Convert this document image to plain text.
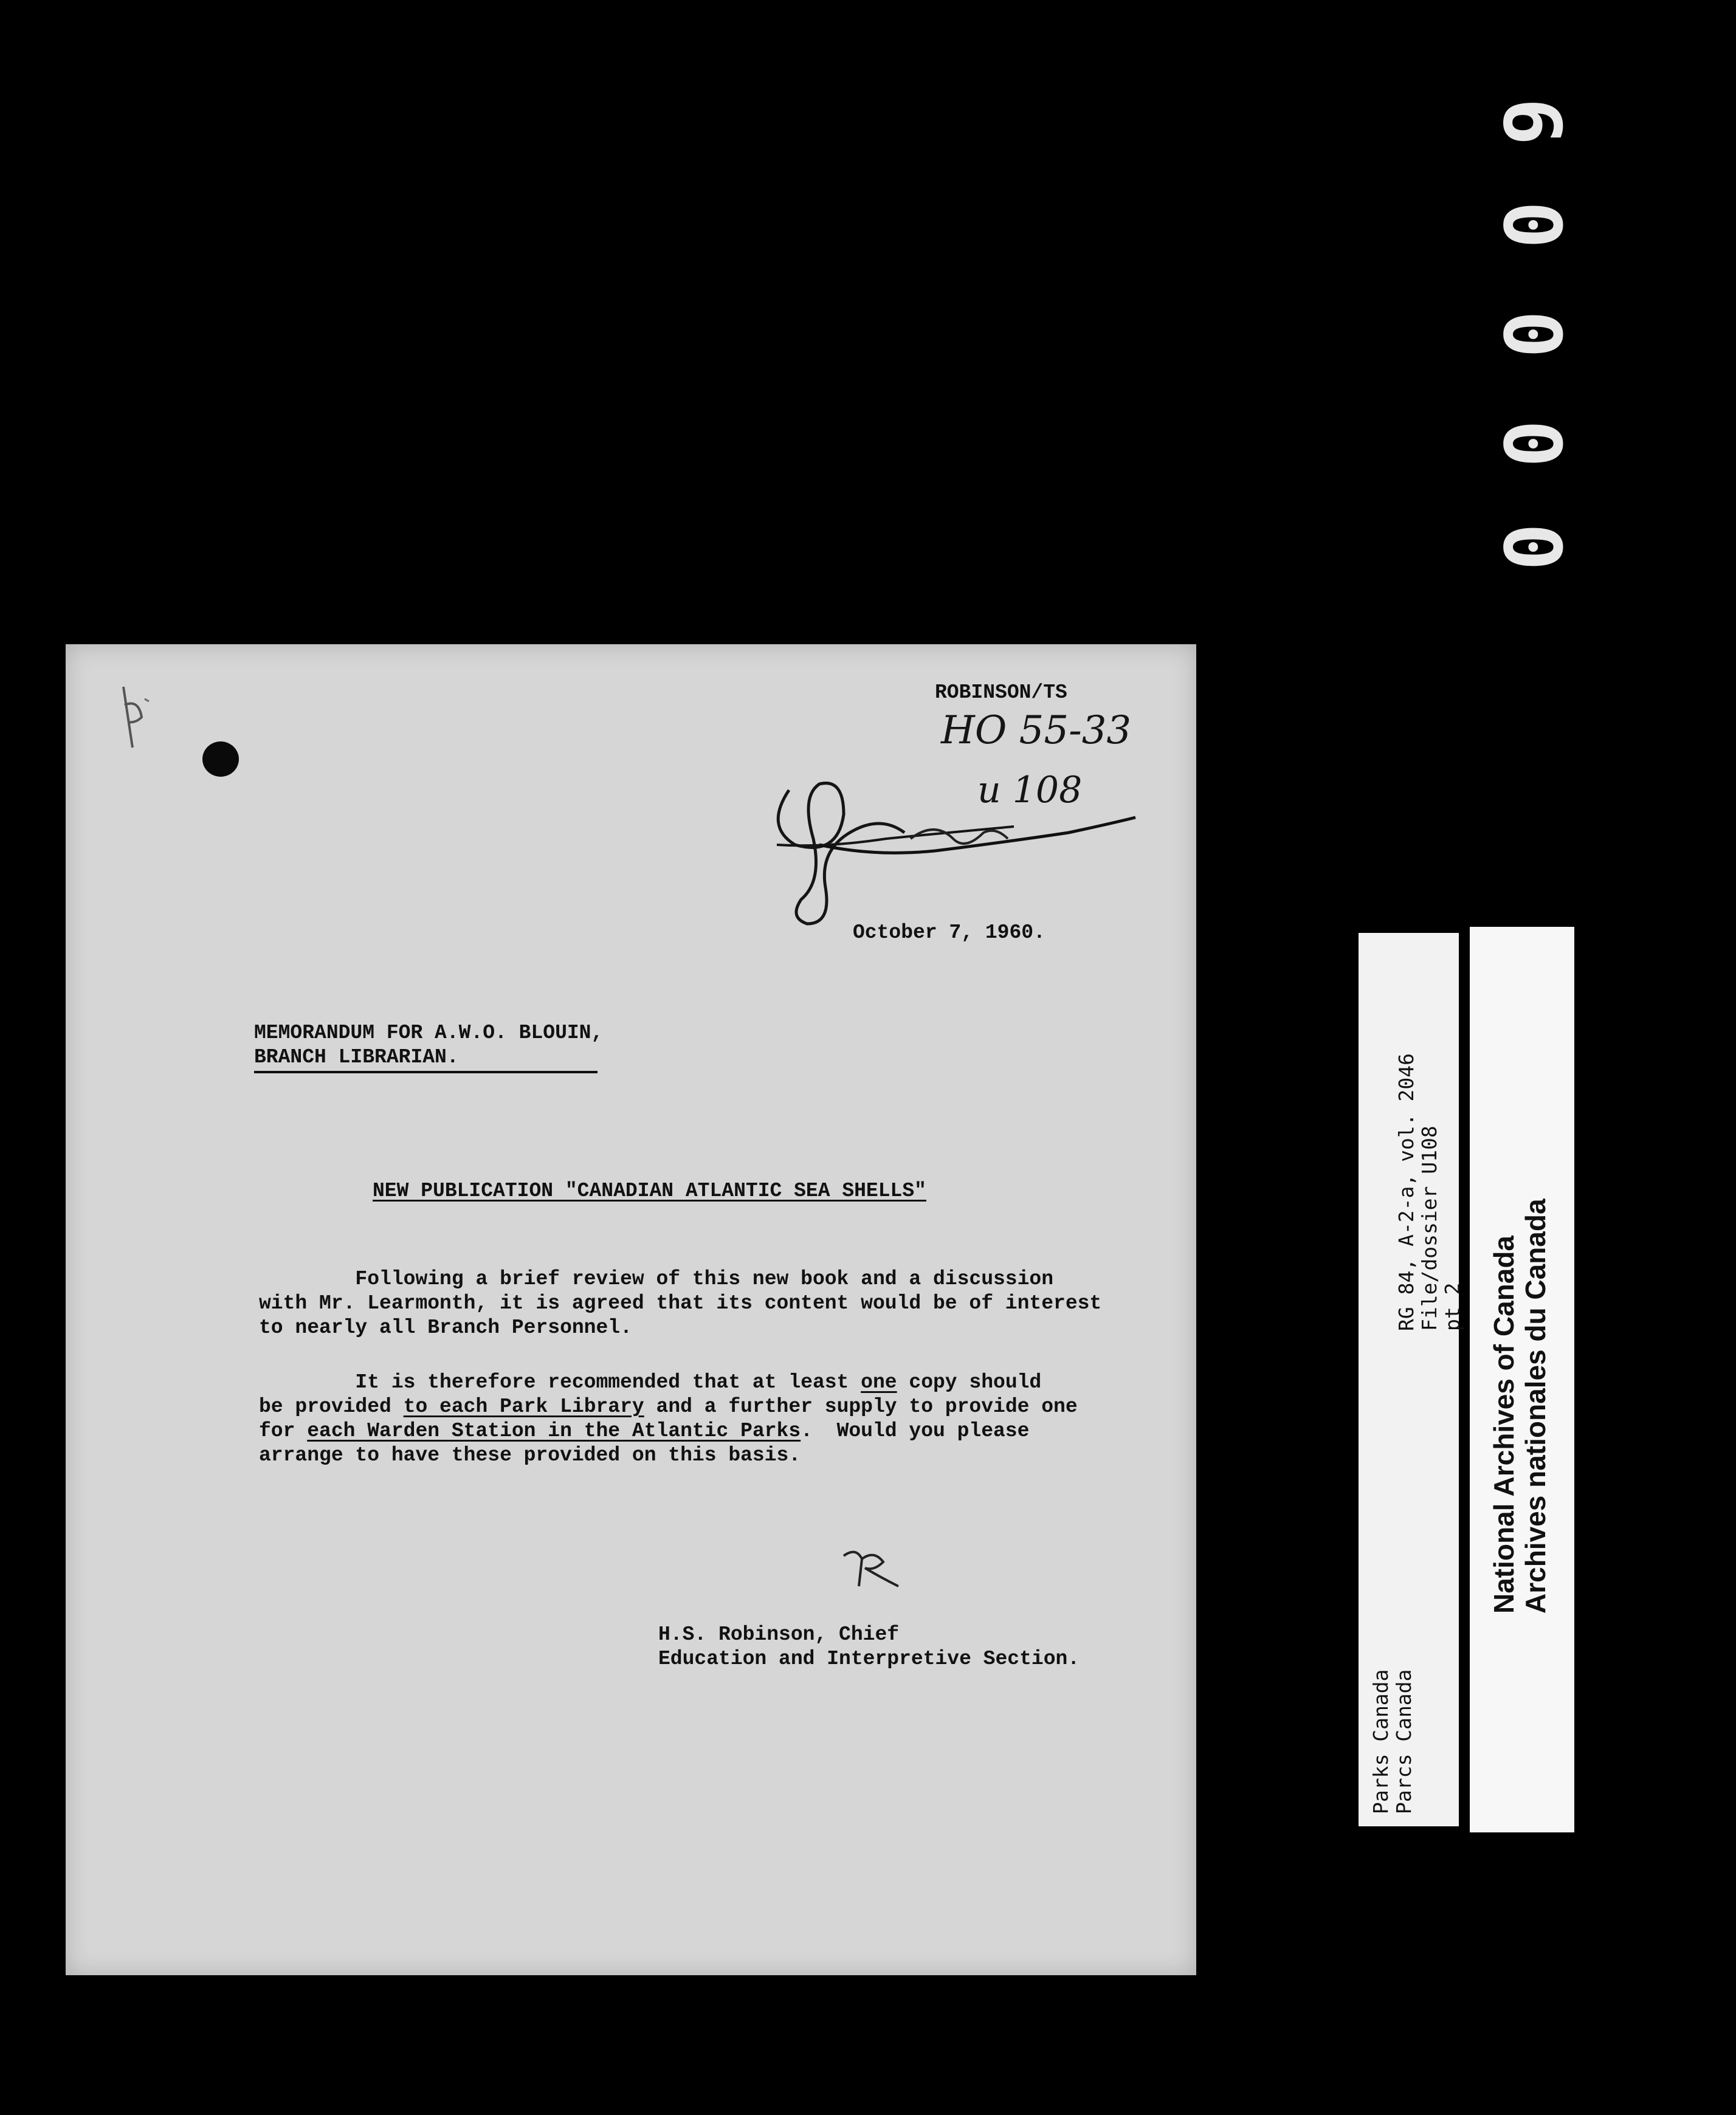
0
0
0
0
6
Parks Canada Parcs Canada
RG 84, A-2-a, vol. 2046 File/dossier U108 pt 2 National Archives of Canada Archives nationales du Canada
ROBINSON/TS
HO 55-33
u 108
October 7, 1960.
MEMORANDUM FOR A.W.O. BLOUIN,
BRANCH LIBRARIAN.
NEW PUBLICATION "CANADIAN ATLANTIC SEA SHELLS"
Following a brief review of this new book and a discussion
with Mr. Learmonth, it is agreed that its content would be of interest
to nearly all Branch Personnel.
It is therefore recommended that at least one copy should
be provided to each Park Library and a further supply to provide one
for each Warden Station in the Atlantic Parks.  Would you please
arrange to have these provided on this basis.
H.S. Robinson, Chief
Education and Interpretive Section.
